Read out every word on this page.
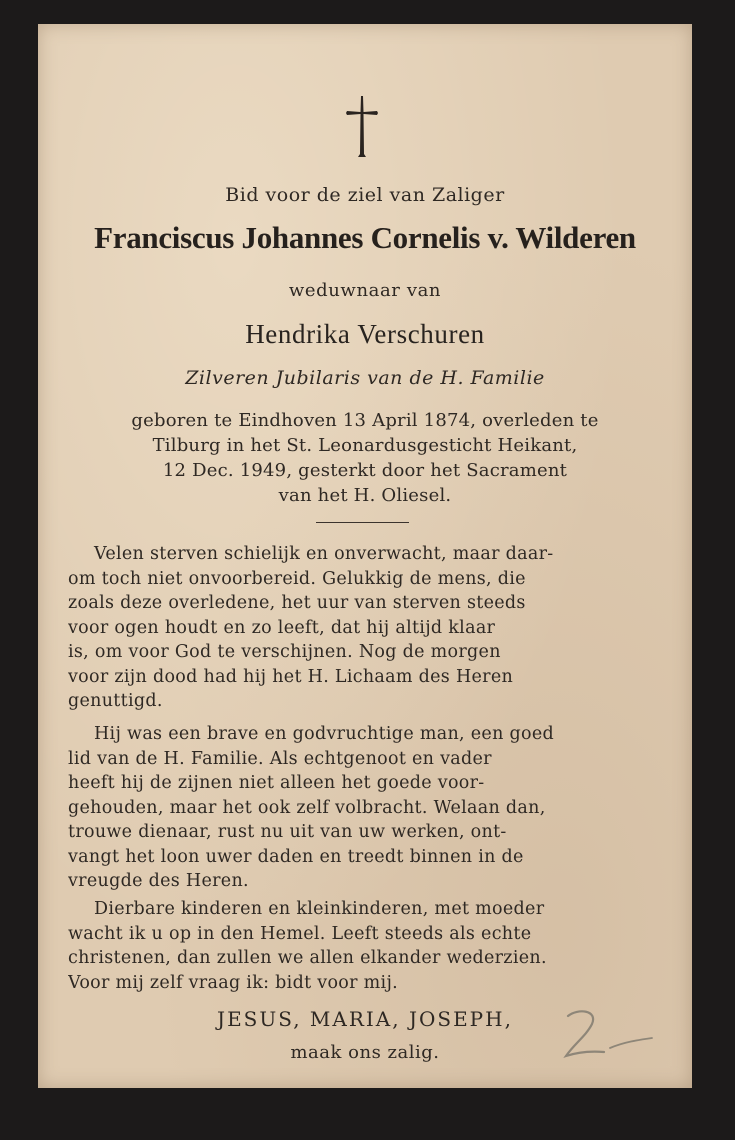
Bid voor de ziel van Zaliger
Franciscus Johannes Cornelis v. Wilderen
weduwnaar van
Hendrika Verschuren
Zilveren Jubilaris van de H. Familie
geboren te Eindhoven 13 April 1874, overleden te
Tilburg in het St. Leonardusgesticht Heikant,
12 Dec. 1949, gesterkt door het Sacrament
van het H. Oliesel.
Velen sterven schielijk en onverwacht, maar daar-
om toch niet onvoorbereid. Gelukkig de mens, die
zoals deze overledene, het uur van sterven steeds
voor ogen houdt en zo leeft, dat hij altijd klaar
is, om voor God te verschijnen. Nog de morgen
voor zijn dood had hij het H. Lichaam des Heren
genuttigd.
Hij was een brave en godvruchtige man, een goed
lid van de H. Familie. Als echtgenoot en vader
heeft hij de zijnen niet alleen het goede voor-
gehouden, maar het ook zelf volbracht. Welaan dan,
trouwe dienaar, rust nu uit van uw werken, ont-
vangt het loon uwer daden en treedt binnen in de
vreugde des Heren.
Dierbare kinderen en kleinkinderen, met moeder
wacht ik u op in den Hemel. Leeft steeds als echte
christenen, dan zullen we allen elkander wederzien.
Voor mij zelf vraag ik: bidt voor mij.
JESUS, MARIA, JOSEPH,
maak ons zalig.
